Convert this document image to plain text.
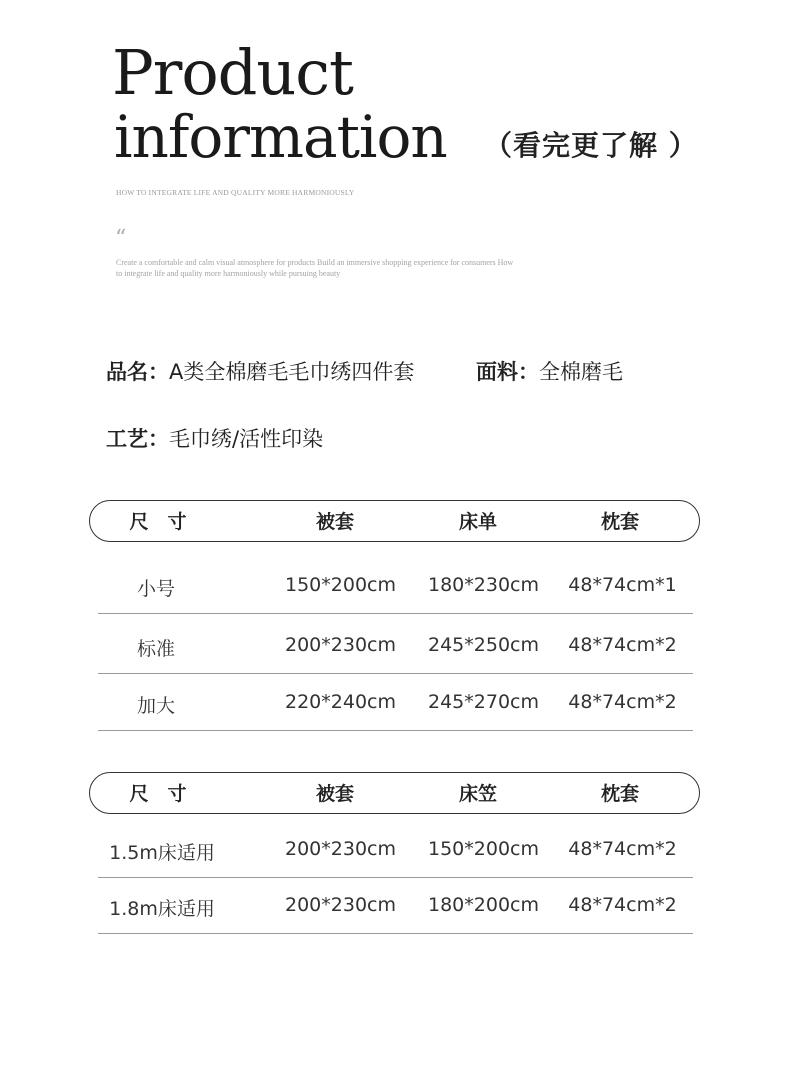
Product
information （看完更了解 ）
HOW TO INTEGRATE LIFE AND QUALITY MORE HARMONIOUSLY
“
Create a comfortable and calm visual atmosphere for products Build an immersive shopping experience for consumers How to integrate life and quality more harmoniously while pursuing beauty
品名：A类全棉磨毛毛巾绣四件套	面料：全棉磨毛
工艺：毛巾绣/活性印染
尺　寸	被套	床单	枕套
小号	150*200cm	180*230cm	48*74cm*1
标准	200*230cm	245*250cm	48*74cm*2
加大	220*240cm	245*270cm	48*74cm*2
尺　寸	被套	床笠	枕套
1.5m床适用	200*230cm	150*200cm	48*74cm*2
1.8m床适用	200*230cm	180*200cm	48*74cm*2
